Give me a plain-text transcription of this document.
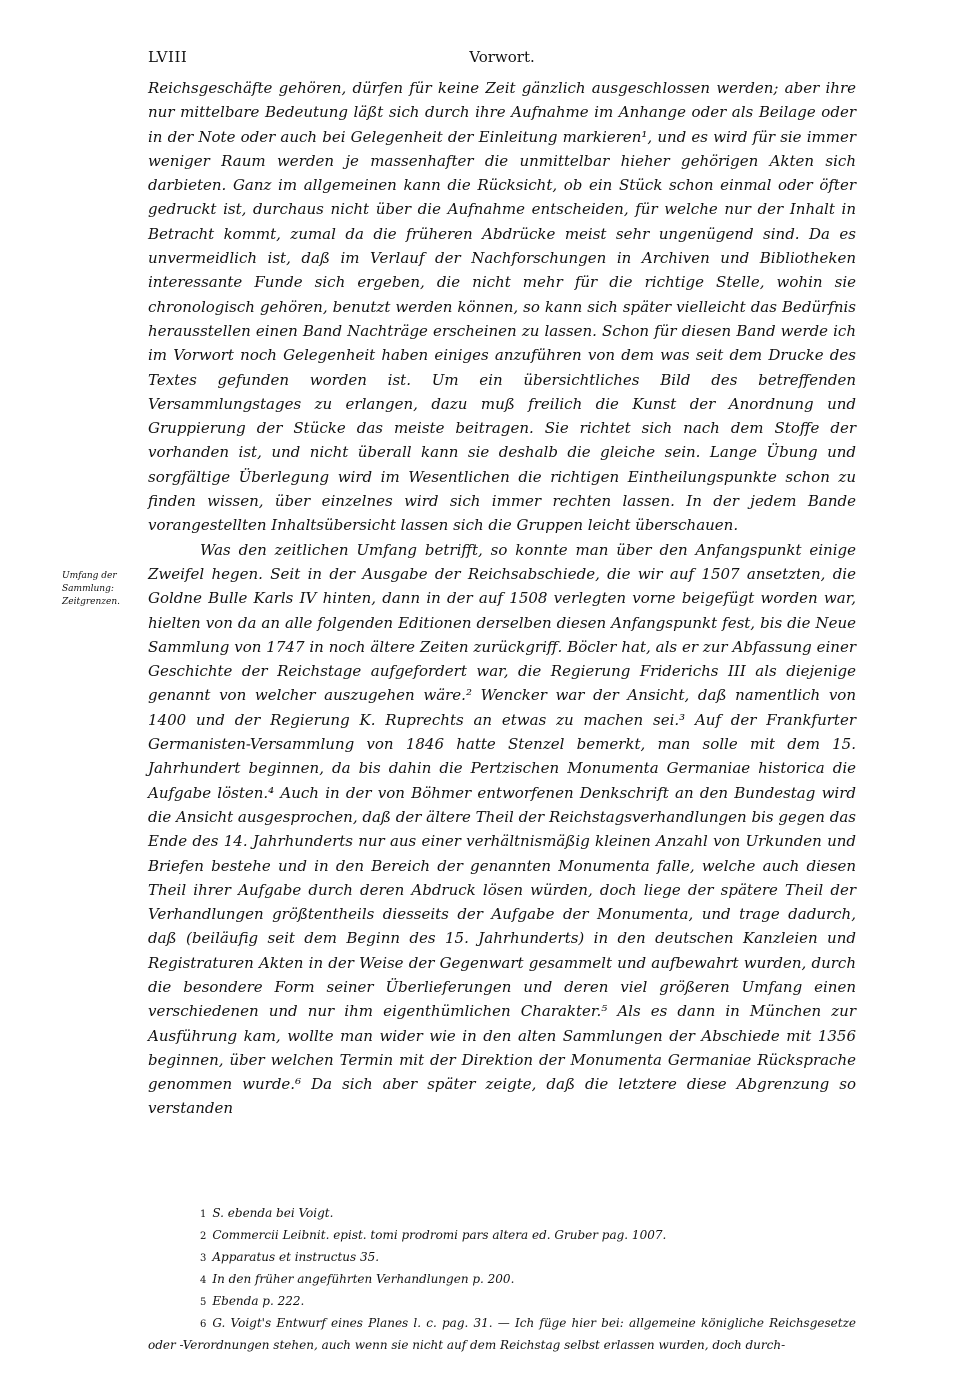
LVIII	Vorwort.
Umfang der
Sammlung:
Zeitgrenzen.

Reichsgeschäfte gehören, dürfen für keine Zeit gänzlich ausgeschlossen werden; aber ihre nur mittelbare Bedeutung läßt sich durch ihre Aufnahme im Anhange oder als Beilage oder in der Note oder auch bei Gelegenheit der Einleitung markieren¹, und es wird für sie immer weniger Raum werden je massenhafter die unmittelbar hieher gehörigen Akten sich darbieten. Ganz im allgemeinen kann die Rücksicht, ob ein Stück schon einmal oder öfter gedruckt ist, durchaus nicht über die Aufnahme entscheiden, für welche nur der Inhalt in Betracht kommt, zumal da die früheren Abdrücke meist sehr ungenügend sind. Da es unvermeidlich ist, daß im Verlauf der Nachforschungen in Archiven und Bibliotheken interessante Funde sich ergeben, die nicht mehr für die richtige Stelle, wohin sie chronologisch gehören, benutzt werden können, so kann sich später vielleicht das Bedürfnis herausstellen einen Band Nachträge erscheinen zu lassen. Schon für diesen Band werde ich im Vorwort noch Gelegenheit haben einiges anzuführen von dem was seit dem Drucke des Textes gefunden worden ist. Um ein übersichtliches Bild des betreffenden Versammlungstages zu erlangen, dazu muß freilich die Kunst der Anordnung und Gruppierung der Stücke das meiste beitragen. Sie richtet sich nach dem Stoffe der vorhanden ist, und nicht überall kann sie deshalb die gleiche sein. Lange Übung und sorgfältige Überlegung wird im Wesentlichen die richtigen Eintheilungspunkte schon zu finden wissen, über einzelnes wird sich immer rechten lassen. In der jedem Bande vorangestellten Inhaltsübersicht lassen sich die Gruppen leicht überschauen.

Was den zeitlichen Umfang betrifft, so konnte man über den Anfangspunkt einige Zweifel hegen. Seit in der Ausgabe der Reichsabschiede, die wir auf 1507 ansetzten, die Goldne Bulle Karls IV hinten, dann in der auf 1508 verlegten vorne beigefügt worden war, hielten von da an alle folgenden Editionen derselben diesen Anfangspunkt fest, bis die Neue Sammlung von 1747 in noch ältere Zeiten zurückgriff. Böcler hat, als er zur Abfassung einer Geschichte der Reichstage aufgefordert war, die Regierung Friderichs III als diejenige genannt von welcher auszugehen wäre.² Wencker war der Ansicht, daß namentlich von 1400 und der Regierung K. Ruprechts an etwas zu machen sei.³ Auf der Frankfurter Germanisten-Versammlung von 1846 hatte Stenzel bemerkt, man solle mit dem 15. Jahrhundert beginnen, da bis dahin die Pertzischen Monumenta Germaniae historica die Aufgabe lösten.⁴ Auch in der von Böhmer entworfenen Denkschrift an den Bundestag wird die Ansicht ausgesprochen, daß der ältere Theil der Reichstagsverhandlungen bis gegen das Ende des 14. Jahrhunderts nur aus einer verhältnismäßig kleinen Anzahl von Urkunden und Briefen bestehe und in den Bereich der genannten Monumenta falle, welche auch diesen Theil ihrer Aufgabe durch deren Abdruck lösen würden, doch liege der spätere Theil der Verhandlungen größtentheils diesseits der Aufgabe der Monumenta, und trage dadurch, daß (beiläufig seit dem Beginn des 15. Jahrhunderts) in den deutschen Kanzleien und Registraturen Akten in der Weise der Gegenwart gesammelt und aufbewahrt wurden, durch die besondere Form seiner Überlieferungen und deren viel größeren Umfang einen verschiedenen und nur ihm eigenthümlichen Charakter.⁵ Als es dann in München zur Ausführung kam, wollte man wider wie in den alten Sammlungen der Abschiede mit 1356 beginnen, über welchen Termin mit der Direktion der Monumenta Germaniae Rücksprache genommen wurde.⁶ Da sich aber später zeigte, daß die letztere diese Abgrenzung so verstanden

1 S. ebenda bei Voigt.

2 Commercii Leibnit. epist. tomi prodromi pars altera ed. Gruber pag. 1007.

3 Apparatus et instructus 35.

4 In den früher angeführten Verhandlungen p. 200.

5 Ebenda p. 222.

6 G. Voigt's Entwurf eines Planes l. c. pag. 31. — Ich füge hier bei: allgemeine königliche Reichsgesetze oder -Verordnungen stehen, auch wenn sie nicht auf dem Reichstag selbst erlassen wurden, doch durch-
